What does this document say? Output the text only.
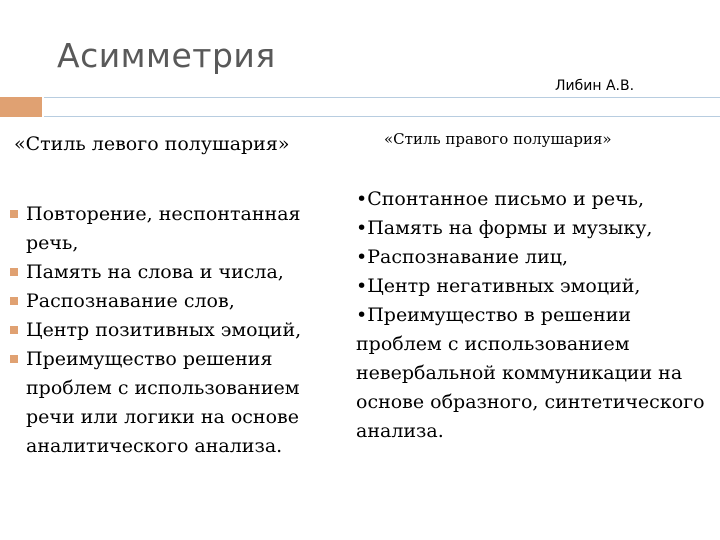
Асимметрия
Либин А.В.
«Стиль левого полушария»	«Стиль правого полушария»
Повторение, неспонтанная речь,
Память на слова и числа,
Распознавание слов,
Центр позитивных эмоций,
Преимущество решения проблем с использованием речи или логики на основе аналитического анализа.

•Спонтанное письмо и речь,

•Память на формы и музыку,

•Распознавание лиц,

•Центр негативных эмоций,

•Преимущество в решении проблем с использованием невербальной коммуникации на основе образного, синтетического анализа.
